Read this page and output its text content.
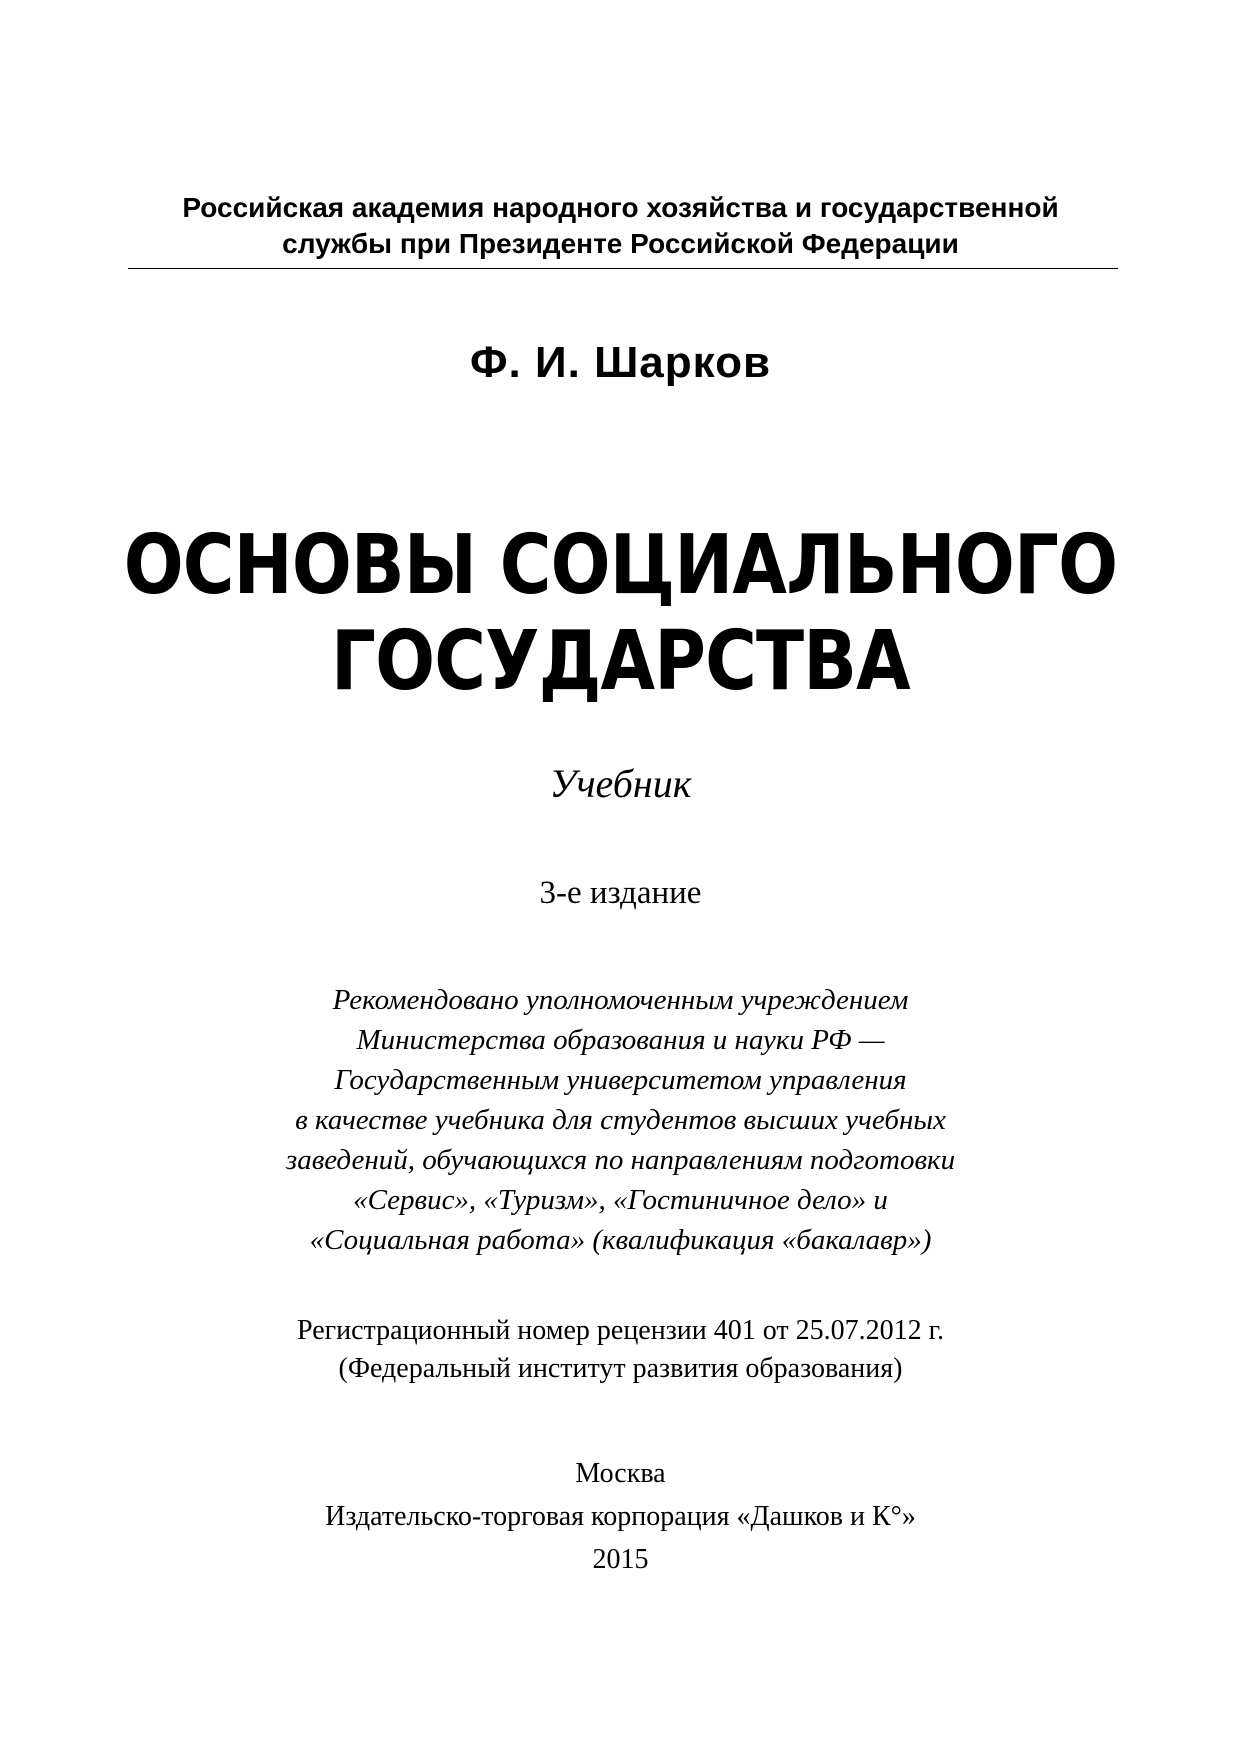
Российская академия народного хозяйства и государственной
службы при Президенте Российской Федерации
Ф. И. Шарков
ОСНОВЫ СОЦИАЛЬНОГО
ГОСУДАРСТВА
Учебник
3-е издание
Рекомендовано уполномоченным учреждением
Министерства образования и науки РФ —
Государственным университетом управления
в качестве учебника для студентов высших учебных
заведений, обучающихся по направлениям подготовки
«Сервис», «Туризм», «Гостиничное дело» и
«Социальная работа» (квалификация «бакалавр»)
Регистрационный номер рецензии 401 от 25.07.2012 г.
(Федеральный институт развития образования)
Москва
Издательско-торговая корпорация «Дашков и К°»
2015
